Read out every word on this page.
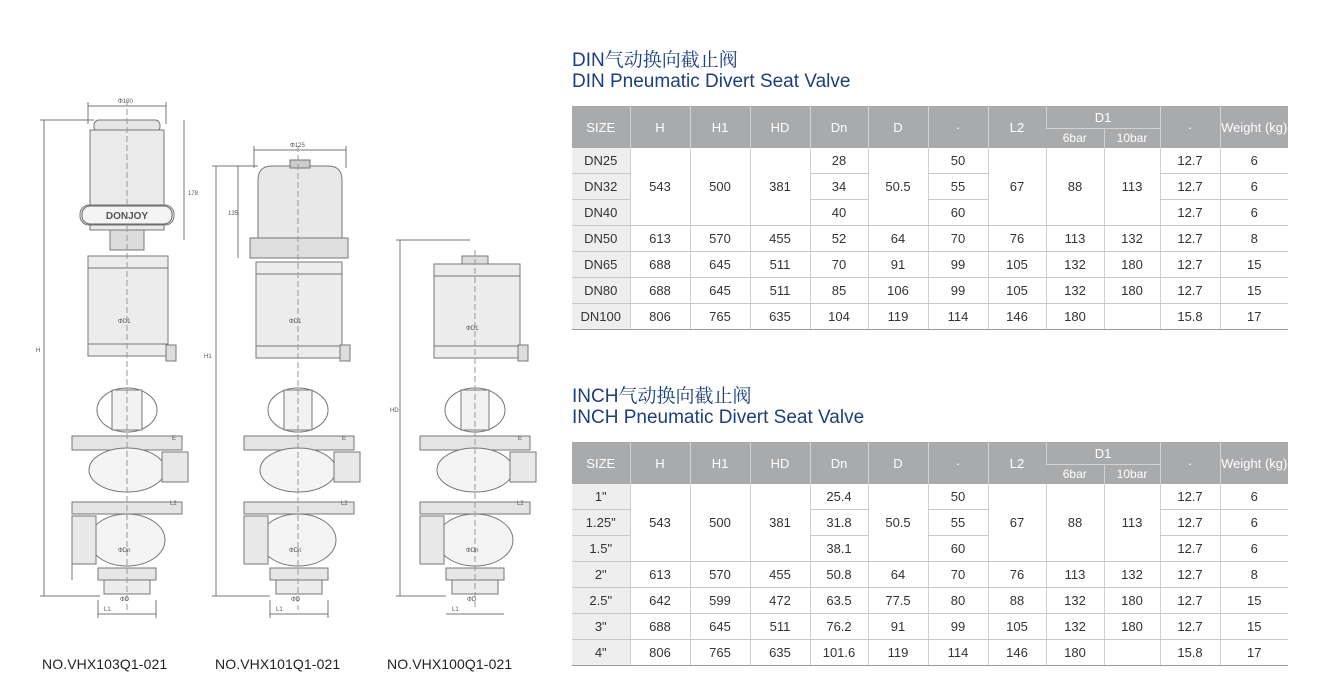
Φ100
Φ125
178
135
H
H1
HD
ΦD1	ΦD1
ΦD1
ΦDn	ΦDn	ΦDn
ΦD	ΦD	ΦD
L1	L1	L1
L2	L2	L2
E	E	E
DONJOY
NO.VHX103Q1-021	NO.VHX101Q1-021	NO.VHX100Q1-021
DIN气动换向截止阀
DIN Pneumatic Divert Seat Valve
SIZE	H	H1	HD	Dn	D	·	L2	D1		·	Weight (kg)
								6bar	10bar		
DN25	543	500	381	28	50.5	50	67	88	113	12.7	6
DN32				34		55				12.7	6
DN40				40		60				12.7	6
DN50	613	570	455	52	64	70	76	113	132	12.7	8
DN65	688	645	511	70	91	99	105	132	180	12.7	15
DN80	688	645	511	85	106	99	105	132	180	12.7	15
DN100	806	765	635	104	119	114	146	180		15.8	17
INCH气动换向截止阀
INCH Pneumatic Divert Seat Valve
SIZE	H	H1	HD	Dn	D	·	L2	D1		·	Weight (kg)
								6bar	10bar		
1"	543	500	381	25.4	50.5	50	67	88	113	12.7	6
1.25"				31.8		55				12.7	6
1.5"				38.1		60				12.7	6
2"	613	570	455	50.8	64	70	76	113	132	12.7	8
2.5"	642	599	472	63.5	77.5	80	88	132	180	12.7	15
3"	688	645	511	76.2	91	99	105	132	180	12.7	15
4"	806	765	635	101.6	119	114	146	180		15.8	17
